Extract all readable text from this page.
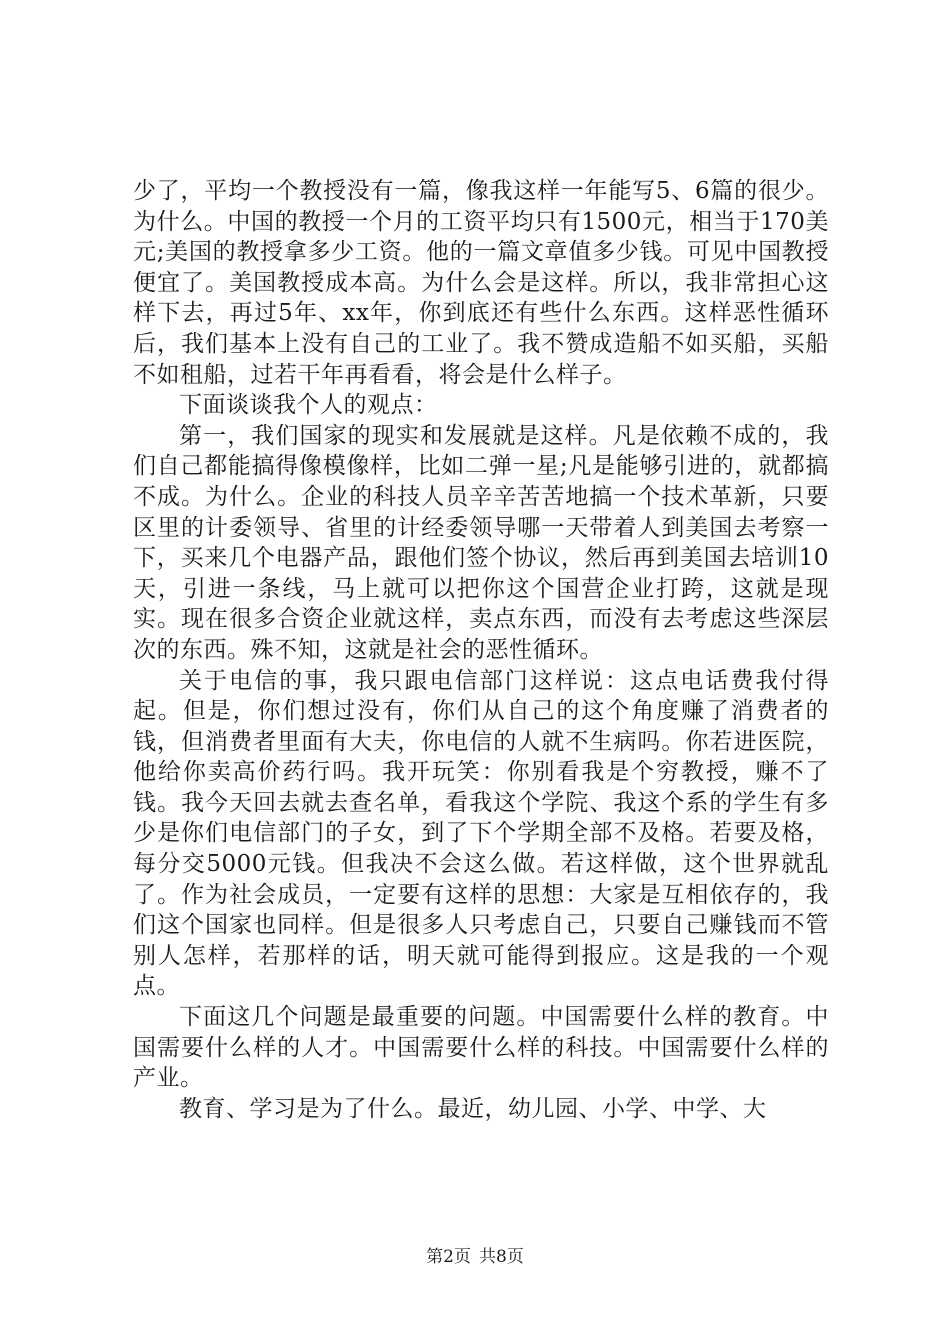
少了，平均一个教授没有一篇，像我这样一年能写5、6篇的很少。为什么。中国的教授一个月的工资平均只有1500元，相当于170美元;美国的教授拿多少工资。他的一篇文章值多少钱。可见中国教授便宜了。美国教授成本高。为什么会是这样。所以，我非常担心这样下去，再过5年、xx年，你到底还有些什么东西。这样恶性循环后，我们基本上没有自己的工业了。我不赞成造船不如买船，买船不如租船，过若干年再看看，将会是什么样子。

下面谈谈我个人的观点：

第一，我们国家的现实和发展就是这样。凡是依赖不成的，我们自己都能搞得像模像样，比如二弹一星;凡是能够引进的，就都搞不成。为什么。企业的科技人员辛辛苦苦地搞一个技术革新，只要区里的计委领导、省里的计经委领导哪一天带着人到美国去考察一下，买来几个电器产品，跟他们签个协议，然后再到美国去培训10天，引进一条线，马上就可以把你这个国营企业打跨，这就是现实。现在很多合资企业就这样，卖点东西，而没有去考虑这些深层次的东西。殊不知，这就是社会的恶性循环。

关于电信的事，我只跟电信部门这样说：这点电话费我付得起。但是，你们想过没有，你们从自己的这个角度赚了消费者的钱，但消费者里面有大夫，你电信的人就不生病吗。你若进医院，他给你卖高价药行吗。我开玩笑：你别看我是个穷教授，赚不了钱。我今天回去就去查名单，看我这个学院、我这个系的学生有多少是你们电信部门的子女，到了下个学期全部不及格。若要及格，每分交5000元钱。但我决不会这么做。若这样做，这个世界就乱了。作为社会成员，一定要有这样的思想：大家是互相依存的，我们这个国家也同样。但是很多人只考虑自己，只要自己赚钱而不管别人怎样，若那样的话，明天就可能得到报应。这是我的一个观点。

下面这几个问题是最重要的问题。中国需要什么样的教育。中国需要什么样的人才。中国需要什么样的科技。中国需要什么样的产业。

教育、学习是为了什么。最近，幼儿园、小学、中学、大

第2页 共8页
